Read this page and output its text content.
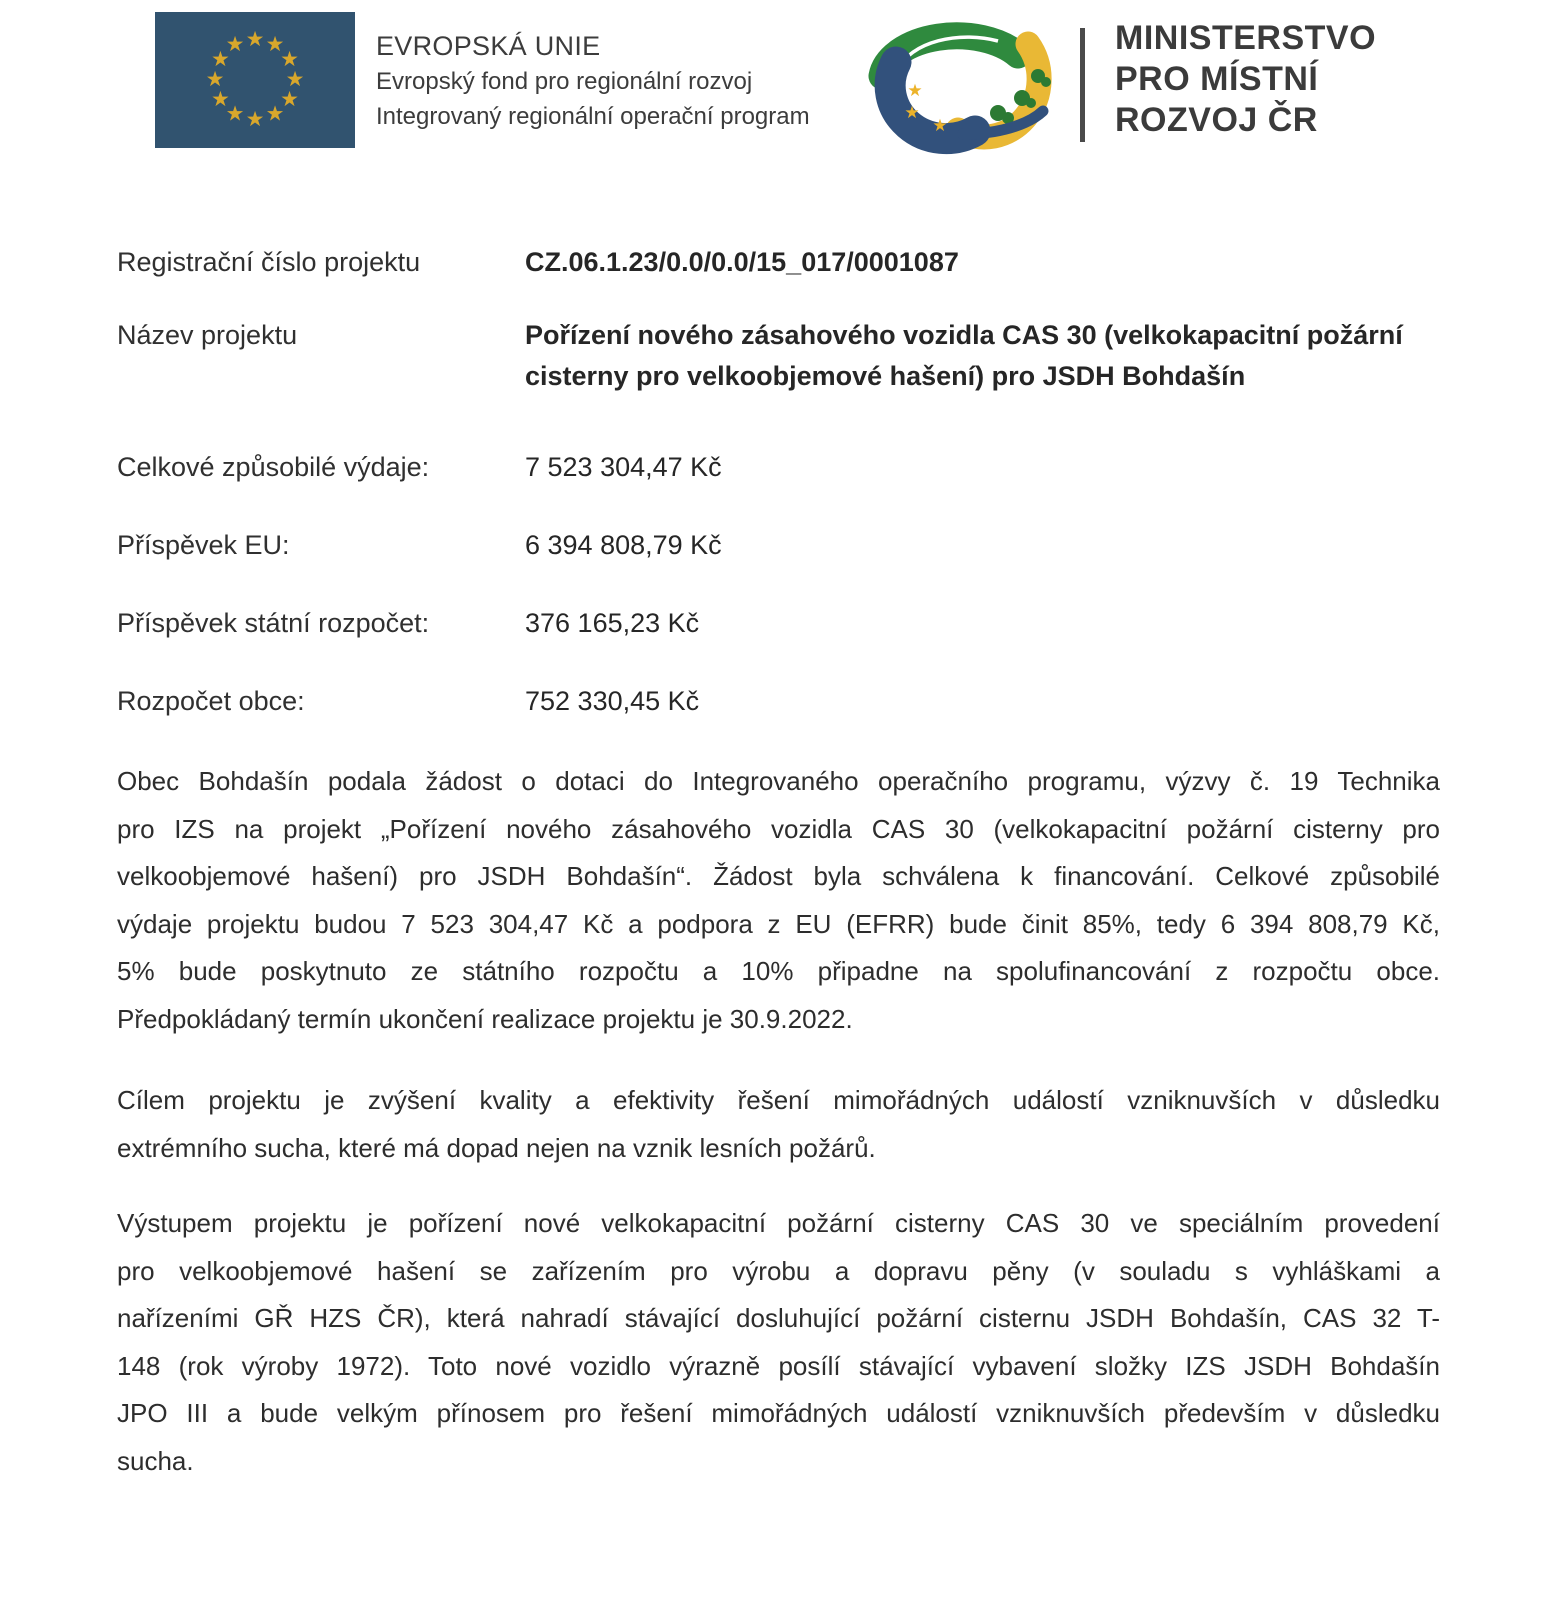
★ ★
★
★
★
★
★
★
★
★
★
★	EVROPSKÁ UNIE
Evropský fond pro regionální rozvoj
Integrovaný regionální operační program
★
★
★
MINISTERSTVO
PRO MÍSTNÍ
ROZVOJ ČR
Registrační číslo projektu	CZ.06.1.23/0.0/0.0/15_017/0001087
Název projektu	Pořízení nového zásahového vozidla CAS 30 (velkokapacitní požární
cisterny pro velkoobjemové hašení) pro JSDH Bohdašín
Celkové způsobilé výdaje:	7 523 304,47 Kč
Příspěvek EU:	6 394 808,79 Kč
Příspěvek státní rozpočet:	376 165,23 Kč
Rozpočet obce:	752 330,45 Kč
Obec Bohdašín podala žádost o dotaci do Integrovaného operačního programu, výzvy č. 19 Technika
pro IZS na projekt „Pořízení nového zásahového vozidla CAS 30 (velkokapacitní požární cisterny pro
velkoobjemové hašení) pro JSDH Bohdašín“. Žádost byla schválena k financování. Celkové způsobilé
výdaje projektu budou 7 523 304,47 Kč a podpora z EU (EFRR) bude činit 85%, tedy 6 394 808,79 Kč,
5% bude poskytnuto ze státního rozpočtu a 10% připadne na spolufinancování z rozpočtu obce.
Předpokládaný termín ukončení realizace projektu je 30.9.2022.
Cílem projektu je zvýšení kvality a efektivity řešení mimořádných událostí vzniknuvších v důsledku
extrémního sucha, které má dopad nejen na vznik lesních požárů.
Výstupem projektu je pořízení nové velkokapacitní požární cisterny CAS 30 ve speciálním provedení
pro velkoobjemové hašení se zařízením pro výrobu a dopravu pěny (v souladu s vyhláškami a
nařízeními GŘ HZS ČR), která nahradí stávající dosluhující požární cisternu JSDH Bohdašín, CAS 32 T-
148 (rok výroby 1972). Toto nové vozidlo výrazně posílí stávající vybavení složky IZS JSDH Bohdašín
JPO III a bude velkým přínosem pro řešení mimořádných událostí vzniknuvších především v důsledku
sucha.
